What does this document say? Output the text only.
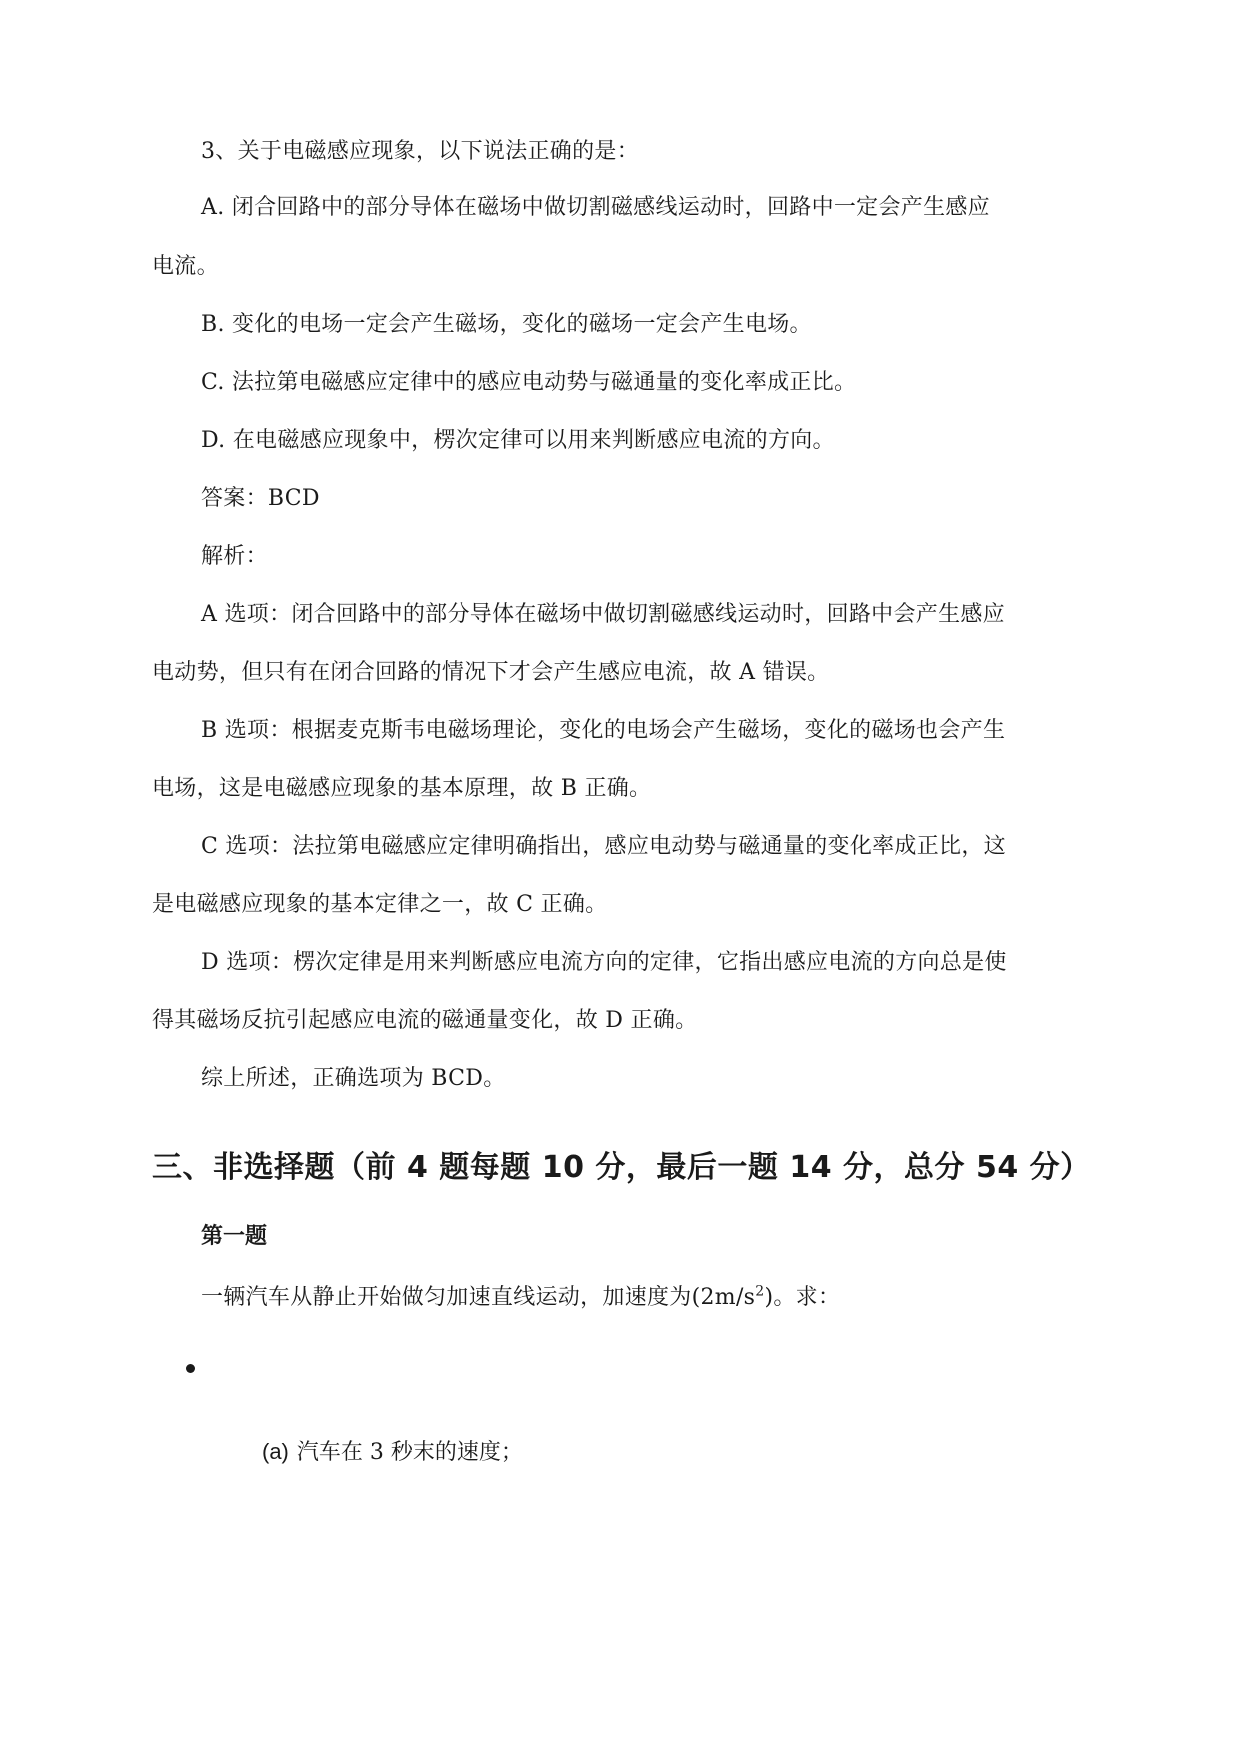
3、关于电磁感应现象，以下说法正确的是：
A. 闭合回路中的部分导体在磁场中做切割磁感线运动时，回路中一定会产生感应
电流。
B. 变化的电场一定会产生磁场，变化的磁场一定会产生电场。
C. 法拉第电磁感应定律中的感应电动势与磁通量的变化率成正比。
D. 在电磁感应现象中，楞次定律可以用来判断感应电流的方向。
答案：BCD
解析：
A 选项：闭合回路中的部分导体在磁场中做切割磁感线运动时，回路中会产生感应
电动势，但只有在闭合回路的情况下才会产生感应电流，故 A 错误。
B 选项：根据麦克斯韦电磁场理论，变化的电场会产生磁场，变化的磁场也会产生
电场，这是电磁感应现象的基本原理，故 B 正确。
C 选项：法拉第电磁感应定律明确指出，感应电动势与磁通量的变化率成正比，这
是电磁感应现象的基本定律之一，故 C 正确。
D 选项：楞次定律是用来判断感应电流方向的定律，它指出感应电流的方向总是使
得其磁场反抗引起感应电流的磁通量变化，故 D 正确。
综上所述，正确选项为 BCD。
三、非选择题（前 4 题每题 10 分，最后一题 14 分，总分 54 分）
第一题
一辆汽车从静止开始做匀加速直线运动，加速度为$(2m/s^2)$。求：
(a) 汽车在 3 秒末的速度；
